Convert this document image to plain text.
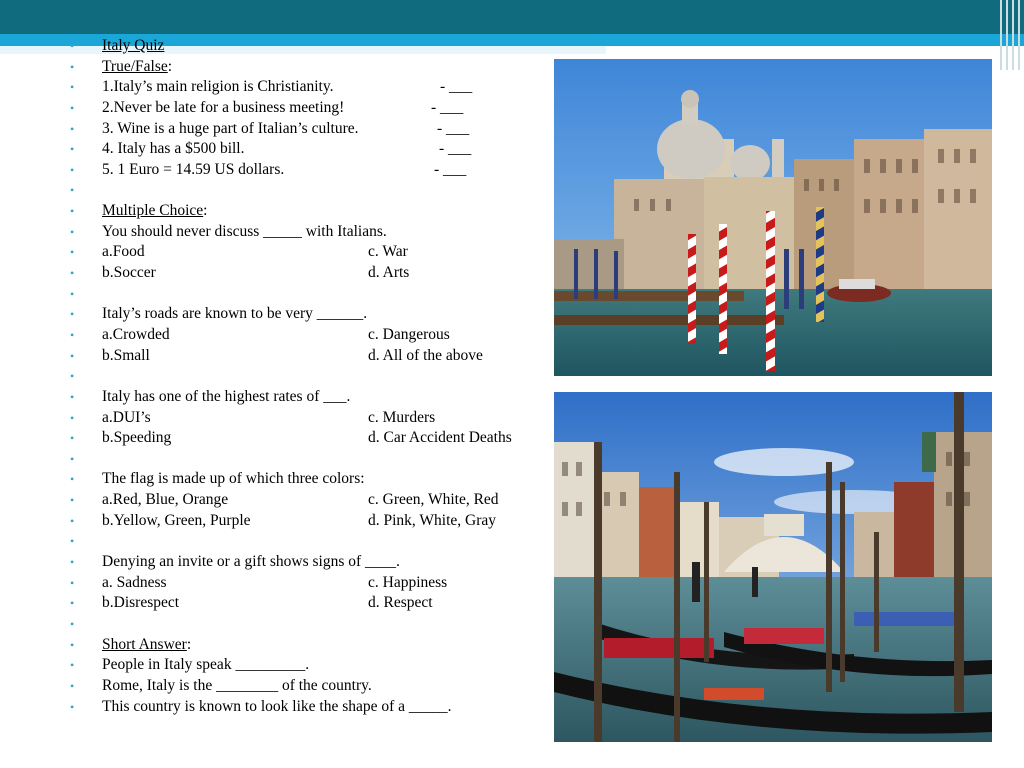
• Italy Quiz
• True/False:
• 1.Italy’s main religion is Christianity.	- ___
• 2.Never be late for a business meeting!	- ___
• 3. Wine is a huge part of Italian’s culture.	- ___
• 4. Italy has a $500 bill.	- ___
• 5. 1 Euro = 14.59 US dollars.	- ___
•
• Multiple Choice:
• You should never discuss _____ with Italians.
• a.Food	c. War
• b.Soccer	d. Arts
•
• Italy’s roads are known to be very ______.
• a.Crowded	c. Dangerous
• b.Small	d. All of the above
•
• Italy has one of the highest rates of ___.
• a.DUI’s	c. Murders
• b.Speeding	d. Car Accident Deaths
•
• The flag is made up of which three colors:
• a.Red, Blue, Orange	c. Green, White, Red
• b.Yellow, Green, Purple	d. Pink, White, Gray
•
• Denying an invite or a gift shows signs of ____.
• a. Sadness	c. Happiness
• b.Disrespect	d. Respect
•
• Short Answer:
• People in Italy speak _________.
• Rome, Italy is the ________ of the country.
• This country is known to look like the shape of a _____.
